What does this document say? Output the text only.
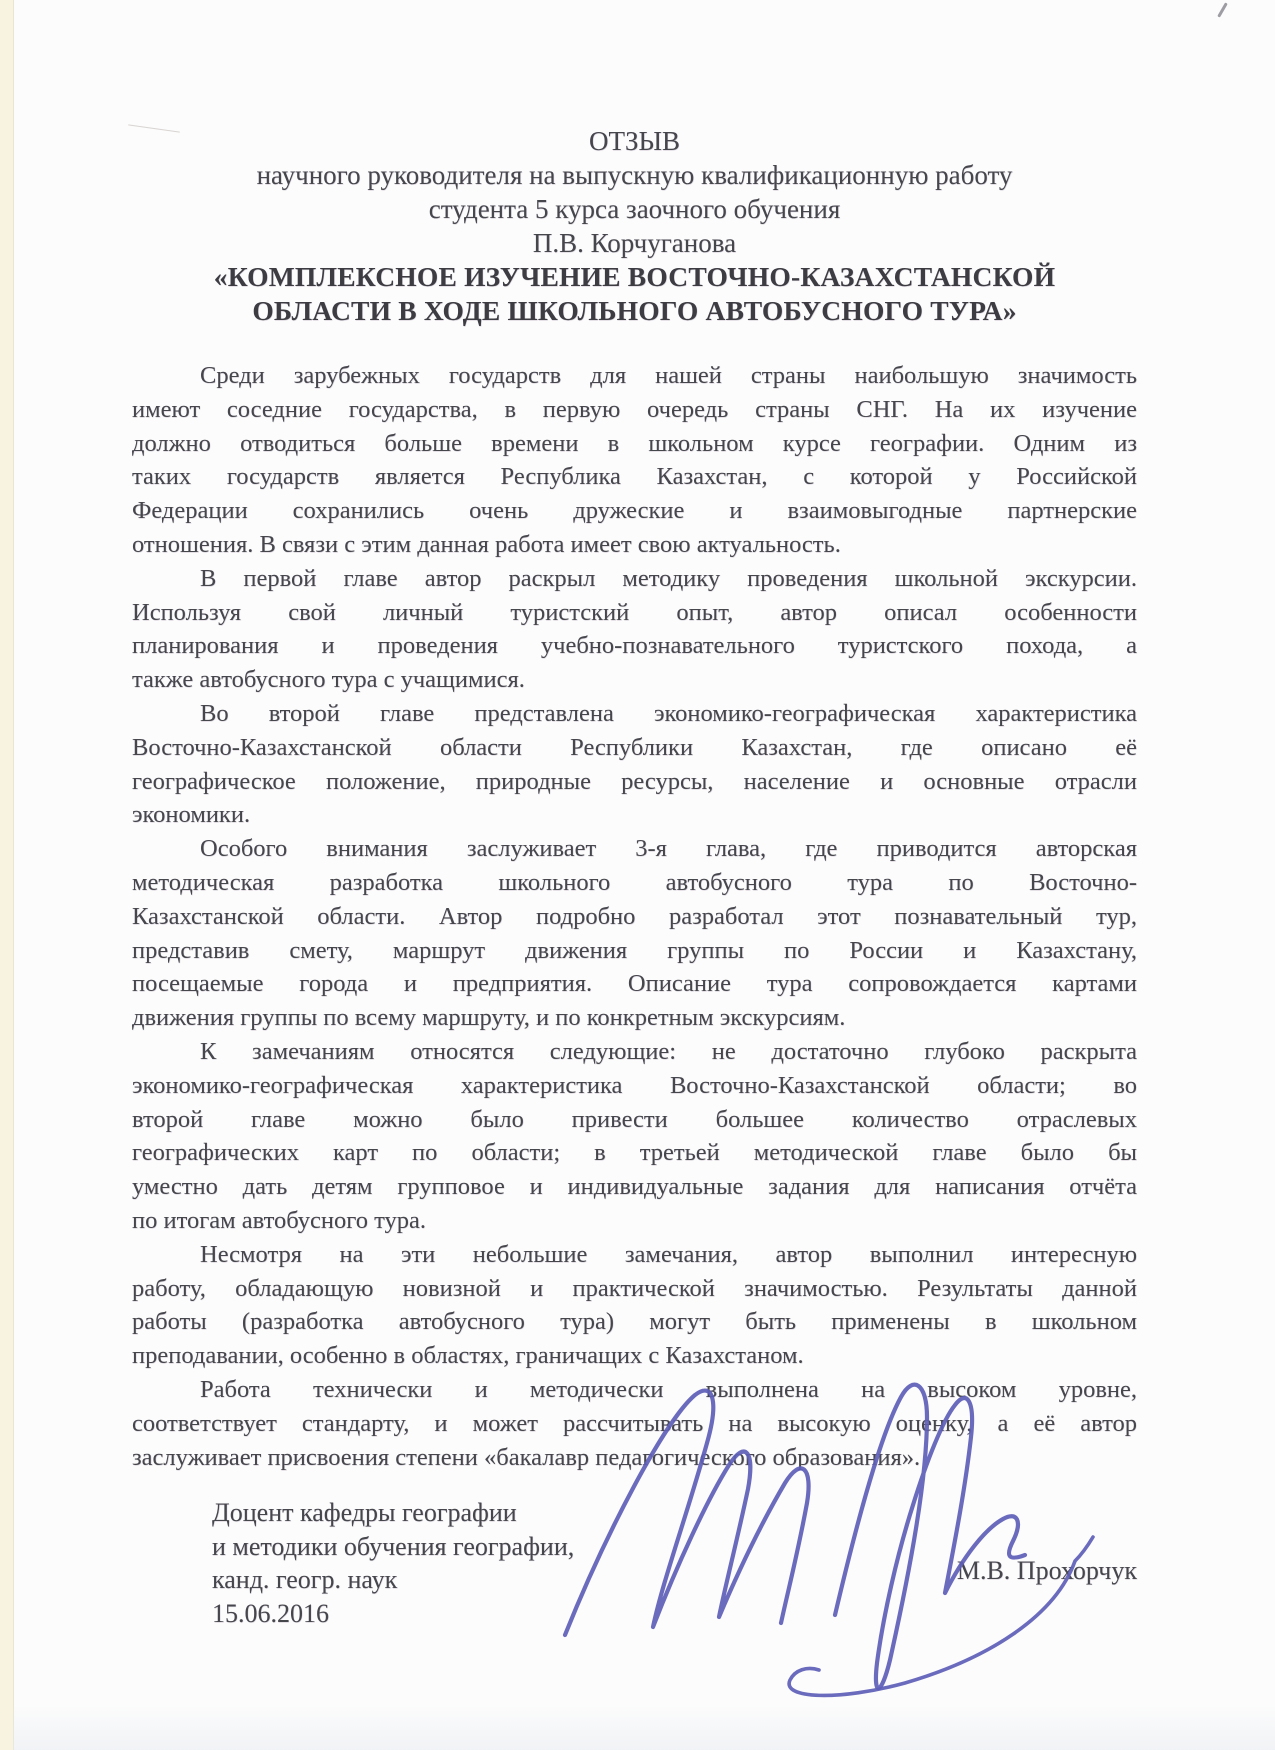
ОТЗЫВ
научного руководителя на выпускную квалификационную работу
студента 5 курса заочного обучения
П.В. Корчуганова
«КОМПЛЕКСНОЕ ИЗУЧЕНИЕ ВОСТОЧНО-КАЗАХСТАНСКОЙ
ОБЛАСТИ В ХОДЕ ШКОЛЬНОГО АВТОБУСНОГО ТУРА»
Среди зарубежных государств для нашей страны наибольшую значимость
имеют соседние государства, в первую очередь страны СНГ. На их изучение
должно отводиться больше времени в школьном курсе географии. Одним из
таких государств является Республика Казахстан, с которой у Российской
Федерации сохранились очень дружеские и взаимовыгодные партнерские
отношения. В связи с этим данная работа имеет свою актуальность.
В первой главе автор раскрыл методику проведения школьной экскурсии.
Используя свой личный туристский опыт, автор описал особенности
планирования и проведения учебно-познавательного туристского похода, а
также автобусного тура с учащимися.
Во второй главе представлена экономико-географическая характеристика
Восточно-Казахстанской области Республики Казахстан, где описано её
географическое положение, природные ресурсы, население и основные отрасли
экономики.
Особого внимания заслуживает 3-я глава, где приводится авторская
методическая разработка школьного автобусного тура по Восточно-
Казахстанской области. Автор подробно разработал этот познавательный тур,
представив смету, маршрут движения группы по России и Казахстану,
посещаемые города и предприятия. Описание тура сопровождается картами
движения группы по всему маршруту, и по конкретным экскурсиям.
К замечаниям относятся следующие: не достаточно глубоко раскрыта
экономико-географическая характеристика Восточно-Казахстанской области; во
второй главе можно было привести большее количество отраслевых
географических карт по области; в третьей методической главе было бы
уместно дать детям групповое и индивидуальные задания для написания отчёта
по итогам автобусного тура.
Несмотря на эти небольшие замечания, автор выполнил интересную
работу, обладающую новизной и практической значимостью. Результаты данной
работы (разработка автобусного тура) могут быть применены в школьном
преподавании, особенно в областях, граничащих с Казахстаном.
Работа технически и методически выполнена на высоком уровне,
соответствует стандарту, и может рассчитывать на высокую оценку, а её автор
заслуживает присвоения степени «бакалавр педагогического образования».
Доцент кафедры географии
и методики обучения географии,
канд. геогр. наук
15.06.2016
М.В. Прохорчук
